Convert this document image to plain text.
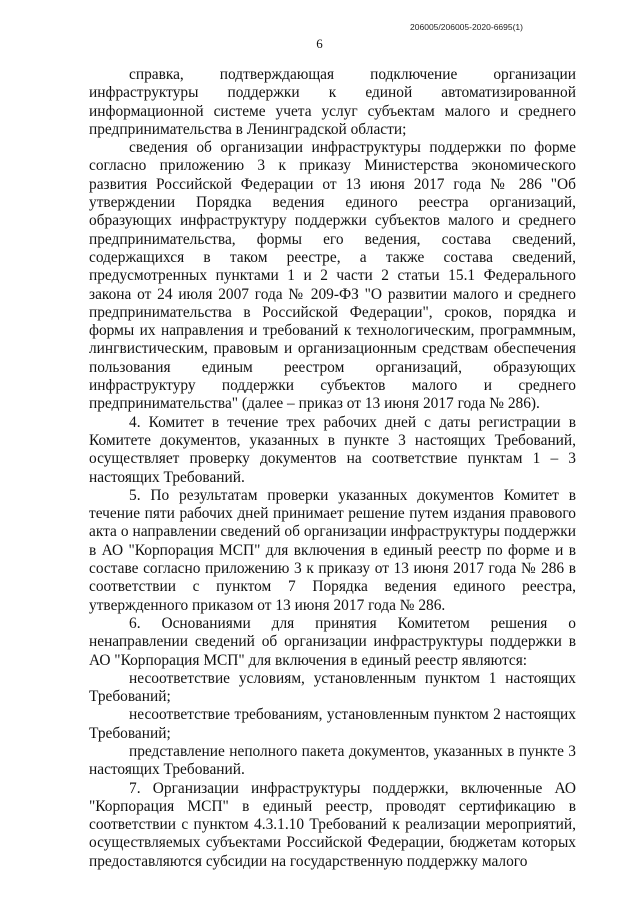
206005/206005-2020-6695(1)
6

справка, подтверждающая подключение организации инфраструктуры поддержки к единой автоматизированной информационной системе учета услуг субъектам малого и среднего предпринимательства в Ленинградской области;

сведения об организации инфраструктуры поддержки по форме согласно приложению 3 к приказу Министерства экономического развития Российской Федерации от 13 июня 2017 года № 286 "Об утверждении Порядка ведения единого реестра организаций, образующих инфраструктуру поддержки субъектов малого и среднего предпринимательства, формы его ведения, состава сведений, содержащихся в таком реестре, а также состава сведений, предусмотренных пунктами 1 и 2 части 2 статьи 15.1 Федерального закона от 24 июля 2007 года № 209-ФЗ "О развитии малого и среднего предпринимательства в Российской Федерации", сроков, порядка и формы их направления и требований к технологическим, программным, лингвистическим, правовым и организационным средствам обеспечения пользования единым реестром организаций, образующих инфраструктуру поддержки субъектов малого и среднего предпринимательства" (далее – приказ от 13 июня 2017 года № 286).

4. Комитет в течение трех рабочих дней с даты регистрации в Комитете документов, указанных в пункте 3 настоящих Требований, осуществляет проверку документов на соответствие пунктам 1 – 3 настоящих Требований.

5. По результатам проверки указанных документов Комитет в течение пяти рабочих дней принимает решение путем издания правового акта о направлении сведений об организации инфраструктуры поддержки в АО "Корпорация МСП" для включения в единый реестр по форме и в составе согласно приложению 3 к приказу от 13 июня 2017 года № 286 в соответствии с пунктом 7 Порядка ведения единого реестра, утвержденного приказом от 13 июня 2017 года № 286.

6. Основаниями для принятия Комитетом решения о ненаправлении сведений об организации инфраструктуры поддержки в АО "Корпорация МСП" для включения в единый реестр являются:

несоответствие условиям, установленным пунктом 1 настоящих Требований;

несоответствие требованиям, установленным пунктом 2 настоящих Требований;

представление неполного пакета документов, указанных в пункте 3 настоящих Требований.

7. Организации инфраструктуры поддержки, включенные АО "Корпорация МСП" в единый реестр, проводят сертификацию в соответствии с пунктом 4.3.1.10 Требований к реализации мероприятий, осуществляемых субъектами Российской Федерации, бюджетам которых предоставляются субсидии на государственную поддержку малого
